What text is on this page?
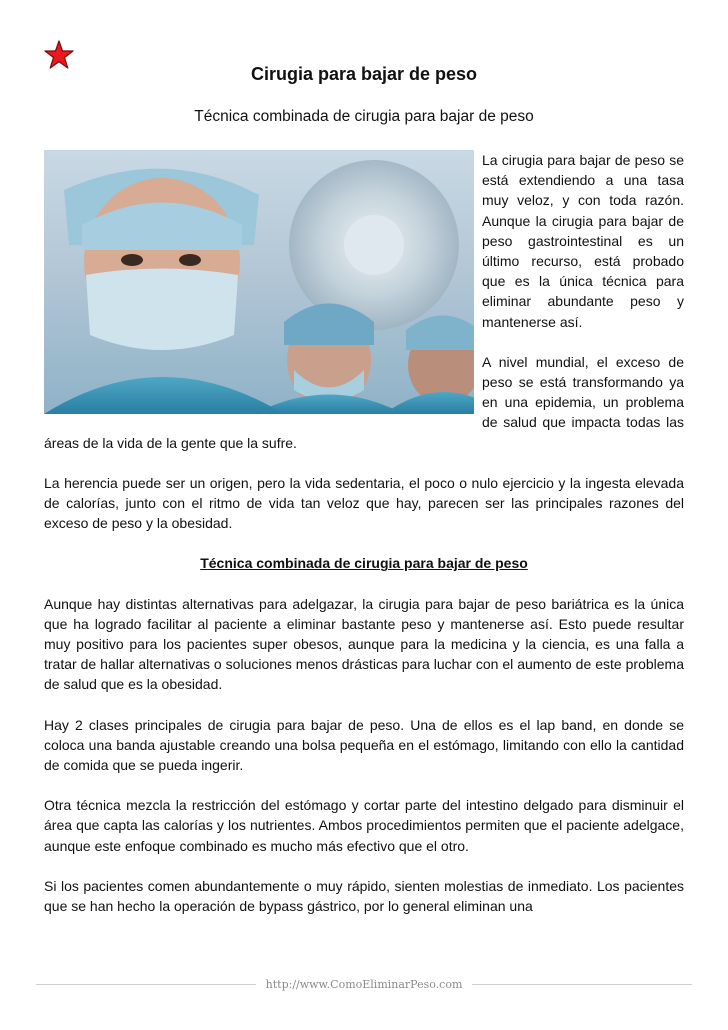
Cirugia para bajar de peso
Técnica combinada de cirugia para bajar de peso

La cirugia para bajar de peso se está extendiendo a una tasa muy veloz, y con toda razón. Aunque la cirugia para bajar de peso gastrointestinal es un último recurso, está probado que es la única técnica para eliminar abundante peso y mantenerse así.

A nivel mundial, el exceso de peso se está transformando ya en una epidemia, un problema de salud que impacta todas las áreas de la vida de la gente que la sufre.

La herencia puede ser un origen, pero la vida sedentaria, el poco o nulo ejercicio y la ingesta elevada de calorías, junto con el ritmo de vida tan veloz que hay, parecen ser las principales razones del exceso de peso y la obesidad.

Técnica combinada de cirugia para bajar de peso

Aunque hay distintas alternativas para adelgazar, la cirugia para bajar de peso bariátrica es la única que ha logrado facilitar al paciente a eliminar bastante peso y mantenerse así. Esto puede resultar muy positivo para los pacientes super obesos, aunque para la medicina y la ciencia, es una falla a tratar de hallar alternativas o soluciones menos drásticas para luchar con el aumento de este problema de salud que es la obesidad.

Hay 2 clases principales de cirugia para bajar de peso. Una de ellos es el lap band, en donde se coloca una banda ajustable creando una bolsa pequeña en el estómago, limitando con ello la cantidad de comida que se pueda ingerir.

Otra técnica mezcla la restricción del estómago y cortar parte del intestino delgado para disminuir el área que capta las calorías y los nutrientes. Ambos procedimientos permiten que el paciente adelgace, aunque este enfoque combinado es mucho más efectivo que el otro.

Si los pacientes comen abundantemente o muy rápido, sienten molestias de inmediato. Los pacientes que se han hecho la operación de bypass gástrico, por lo general eliminan una

http://www.ComoEliminarPeso.com
